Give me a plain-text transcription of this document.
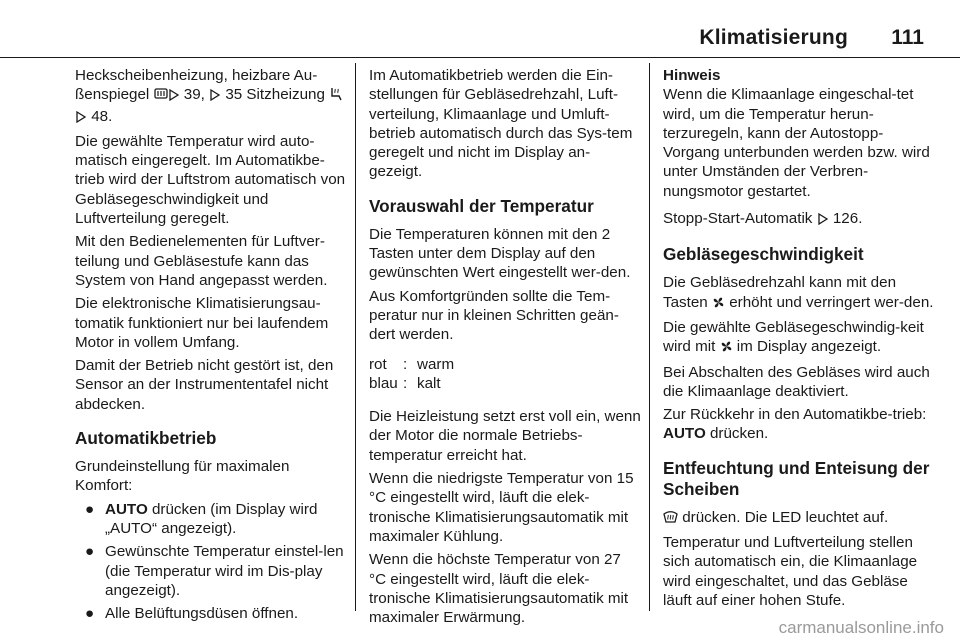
Klimatisierung 111

Heckscheibenheizung, heizbare Au-ßenspiegel  39,  35 Sitzheizung  48.

Die gewählte Temperatur wird auto-matisch eingeregelt. Im Automatikbe-trieb wird der Luftstrom automatisch von Gebläsegeschwindigkeit und Luftverteilung geregelt.

Mit den Bedienelementen für Luftver-teilung und Gebläsestufe kann das System von Hand angepasst werden.

Die elektronische Klimatisierungsau-tomatik funktioniert nur bei laufendem Motor in vollem Umfang.

Damit der Betrieb nicht gestört ist, den Sensor an der Instrumententafel nicht abdecken.

Automatikbetrieb

Grundeinstellung für maximalen Komfort:

● AUTO drücken (im Display wird „AUTO“ angezeigt).
● Gewünschte Temperatur einstel-len (die Temperatur wird im Dis-play angezeigt).
● Alle Belüftungsdüsen öffnen.

Im Automatikbetrieb werden die Ein-stellungen für Gebläsedrehzahl, Luft-verteilung, Klimaanlage und Umluft-betrieb automatisch durch das Sys-tem geregelt und nicht im Display an-gezeigt.

Vorauswahl der Temperatur

Die Temperaturen können mit den 2 Tasten unter dem Display auf den gewünschten Wert eingestellt wer-den.

Aus Komfortgründen sollte die Tem-peratur nur in kleinen Schritten geän-dert werden.

rot	: warm
blau : kalt

Die Heizleistung setzt erst voll ein, wenn der Motor die normale Betriebs-temperatur erreicht hat.

Wenn die niedrigste Temperatur von 15 °C eingestellt wird, läuft die elek-tronische Klimatisierungsautomatik mit maximaler Kühlung.

Wenn die höchste Temperatur von 27 °C eingestellt wird, läuft die elek-tronische Klimatisierungsautomatik mit maximaler Erwärmung.

Hinweis

Wenn die Klimaanlage eingeschal-tet wird, um die Temperatur herun-terzuregeln, kann der Autostopp-Vorgang unterbunden werden bzw. wird unter Umständen der Verbren-nungsmotor gestartet.

Stopp-Start-Automatik  126.

Gebläsegeschwindigkeit

Die Gebläsedrehzahl kann mit den Tasten  erhöht und verringert wer-den.

Die gewählte Gebläsegeschwindig-keit wird mit  im Display angezeigt.

Bei Abschalten des Gebläses wird auch die Klimaanlage deaktiviert.

Zur Rückkehr in den Automatikbe-trieb: AUTO drücken.

Entfeuchtung und Enteisung der Scheiben

drücken. Die LED leuchtet auf.

Temperatur und Luftverteilung stellen sich automatisch ein, die Klimaanlage wird eingeschaltet, und das Gebläse läuft auf einer hohen Stufe.

carmanualsonline.info
